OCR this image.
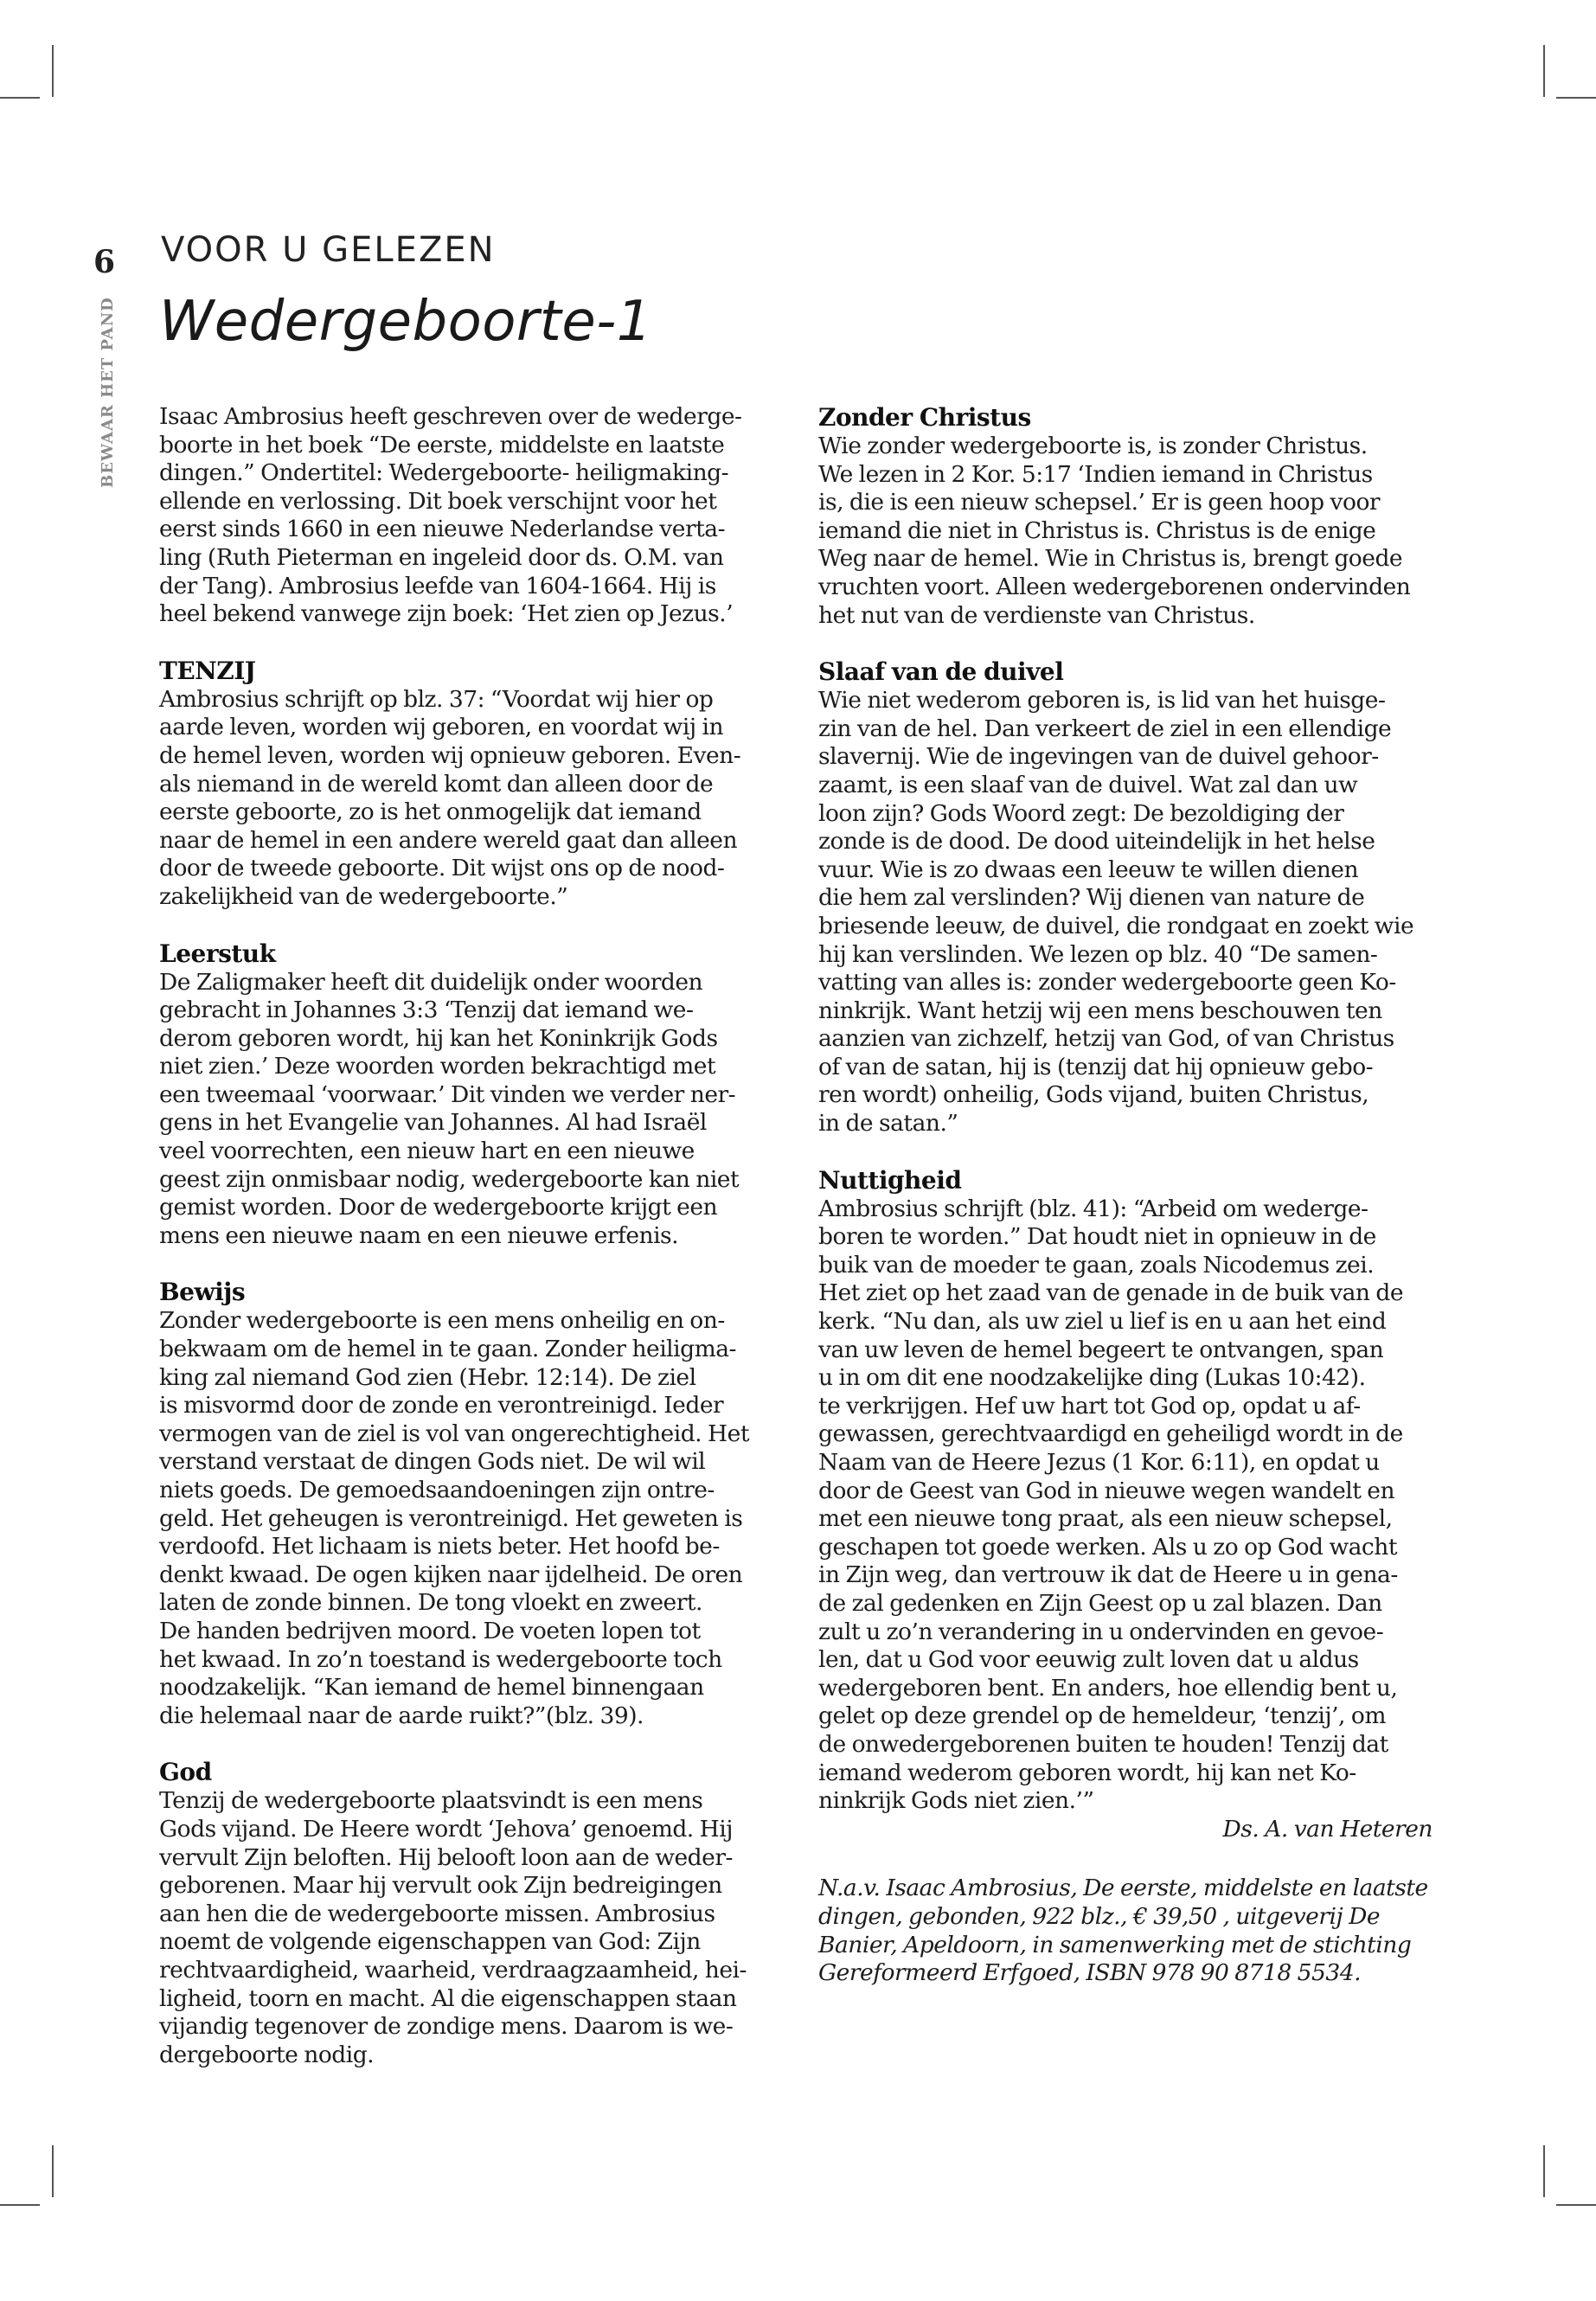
6
BEWAAR HET PAND
VOOR U GELEZEN
Wedergeboorte-1
Isaac Ambrosius heeft geschreven over de wederge-
boorte in het boek “De eerste, middelste en laatste
dingen.” Ondertitel: Wedergeboorte- heiligmaking-
ellende en verlossing. Dit boek verschijnt voor het
eerst sinds 1660 in een nieuwe Nederlandse verta-
ling (Ruth Pieterman en ingeleid door ds. O.M. van
der Tang). Ambrosius leefde van 1604-1664. Hij is
heel bekend vanwege zijn boek: ‘Het zien op Jezus.’
TENZIJ
Ambrosius schrijft op blz. 37: “Voordat wij hier op
aarde leven, worden wij geboren, en voordat wij in
de hemel leven, worden wij opnieuw geboren. Even-
als niemand in de wereld komt dan alleen door de
eerste geboorte, zo is het onmogelijk dat iemand
naar de hemel in een andere wereld gaat dan alleen
door de tweede geboorte. Dit wijst ons op de nood-
zakelijkheid van de wedergeboorte.”
Leerstuk
De Zaligmaker heeft dit duidelijk onder woorden
gebracht in Johannes 3:3 ‘Tenzij dat iemand we-
derom geboren wordt, hij kan het Koninkrijk Gods
niet zien.’ Deze woorden worden bekrachtigd met
een tweemaal ‘voorwaar.’ Dit vinden we verder ner-
gens in het Evangelie van Johannes. Al had Israël
veel voorrechten, een nieuw hart en een nieuwe
geest zijn onmisbaar nodig, wedergeboorte kan niet
gemist worden. Door de wedergeboorte krijgt een
mens een nieuwe naam en een nieuwe erfenis.
Bewijs
Zonder wedergeboorte is een mens onheilig en on-
bekwaam om de hemel in te gaan. Zonder heiligma-
king zal niemand God zien (Hebr. 12:14). De ziel
is misvormd door de zonde en verontreinigd. Ieder
vermogen van de ziel is vol van ongerechtigheid. Het
verstand verstaat de dingen Gods niet. De wil wil
niets goeds. De gemoedsaandoeningen zijn ontre-
geld. Het geheugen is verontreinigd. Het geweten is
verdoofd. Het lichaam is niets beter. Het hoofd be-
denkt kwaad. De ogen kijken naar ijdelheid. De oren
laten de zonde binnen. De tong vloekt en zweert.
De handen bedrijven moord. De voeten lopen tot
het kwaad. In zo’n toestand is wedergeboorte toch
noodzakelijk. “Kan iemand de hemel binnengaan
die helemaal naar de aarde ruikt?”(blz. 39).
God
Tenzij de wedergeboorte plaatsvindt is een mens
Gods vijand. De Heere wordt ‘Jehova’ genoemd. Hij
vervult Zijn beloften. Hij belooft loon aan de weder-
geborenen. Maar hij vervult ook Zijn bedreigingen
aan hen die de wedergeboorte missen. Ambrosius
noemt de volgende eigenschappen van God: Zijn
rechtvaardigheid, waarheid, verdraagzaamheid, hei-
ligheid, toorn en macht. Al die eigenschappen staan
vijandig tegenover de zondige mens. Daarom is we-
dergeboorte nodig.
Zonder Christus
Wie zonder wedergeboorte is, is zonder Christus.
We lezen in 2 Kor. 5:17 ‘Indien iemand in Christus
is, die is een nieuw schepsel.’ Er is geen hoop voor
iemand die niet in Christus is. Christus is de enige
Weg naar de hemel. Wie in Christus is, brengt goede
vruchten voort. Alleen wedergeborenen ondervinden
het nut van de verdienste van Christus.
Slaaf van de duivel
Wie niet wederom geboren is, is lid van het huisge-
zin van de hel. Dan verkeert de ziel in een ellendige
slavernij. Wie de ingevingen van de duivel gehoor-
zaamt, is een slaaf van de duivel. Wat zal dan uw
loon zijn? Gods Woord zegt: De bezoldiging der
zonde is de dood. De dood uiteindelijk in het helse
vuur. Wie is zo dwaas een leeuw te willen dienen
die hem zal verslinden? Wij dienen van nature de
briesende leeuw, de duivel, die rondgaat en zoekt wie
hij kan verslinden. We lezen op blz. 40 “De samen-
vatting van alles is: zonder wedergeboorte geen Ko-
ninkrijk. Want hetzij wij een mens beschouwen ten
aanzien van zichzelf, hetzij van God, of van Christus
of van de satan, hij is (tenzij dat hij opnieuw gebo-
ren wordt) onheilig, Gods vijand, buiten Christus,
in de satan.”
Nuttigheid
Ambrosius schrijft (blz. 41): “Arbeid om wederge-
boren te worden.” Dat houdt niet in opnieuw in de
buik van de moeder te gaan, zoals Nicodemus zei.
Het ziet op het zaad van de genade in de buik van de
kerk. “Nu dan, als uw ziel u lief is en u aan het eind
van uw leven de hemel begeert te ontvangen, span
u in om dit ene noodzakelijke ding (Lukas 10:42).
te verkrijgen. Hef uw hart tot God op, opdat u af-
gewassen, gerechtvaardigd en geheiligd wordt in de
Naam van de Heere Jezus (1 Kor. 6:11), en opdat u
door de Geest van God in nieuwe wegen wandelt en
met een nieuwe tong praat, als een nieuw schepsel,
geschapen tot goede werken. Als u zo op God wacht
in Zijn weg, dan vertrouw ik dat de Heere u in gena-
de zal gedenken en Zijn Geest op u zal blazen. Dan
zult u zo’n verandering in u ondervinden en gevoe-
len, dat u God voor eeuwig zult loven dat u aldus
wedergeboren bent. En anders, hoe ellendig bent u,
gelet op deze grendel op de hemeldeur, ‘tenzij’, om
de onwedergeborenen buiten te houden! Tenzij dat
iemand wederom geboren wordt, hij kan net Ko-
ninkrijk Gods niet zien.’”

Ds. A. van Heteren

N.a.v. Isaac Ambrosius, De eerste, middelste en laatste
dingen, gebonden, 922 blz., € 39,50 , uitgeverij De
Banier, Apeldoorn, in samenwerking met de stichting
Gereformeerd Erfgoed, ISBN 978 90 8718 5534.
